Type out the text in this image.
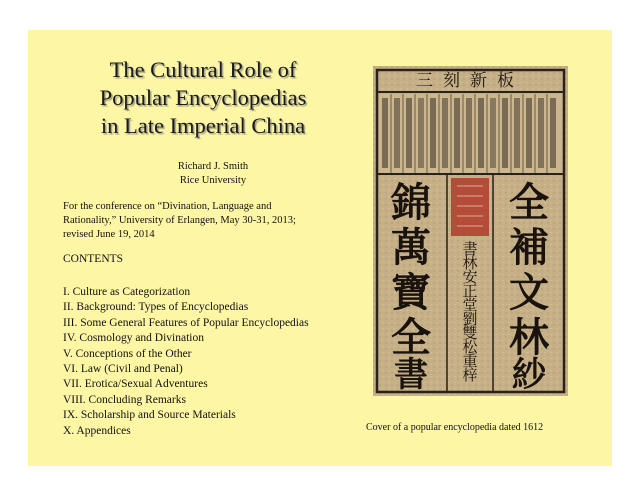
The Cultural Role of
Popular Encyclopedias
in Late Imperial China
Richard J. Smith
Rice University
For the conference on “Divination, Language and
Rationality,” University of Erlangen, May 30-31, 2013;
revised June 19, 2014
CONTENTS
I. Culture as Categorization
II. Background: Types of Encyclopedias
III. Some General Features of Popular Encyclopedias
IV. Cosmology and Divination
V. Conceptions of the Other
VI. Law (Civil and Penal)
VII. Erotica/Sexual Adventures
VIII. Concluding Remarks
IX. Scholarship and Source Materials
X. Appendices
三刻新板
錦
萬
寶
全
書
書
林
安
正
堂
劉
雙
松
重
梓
全
補
文
林
紗
Cover of a popular encyclopedia dated 1612
